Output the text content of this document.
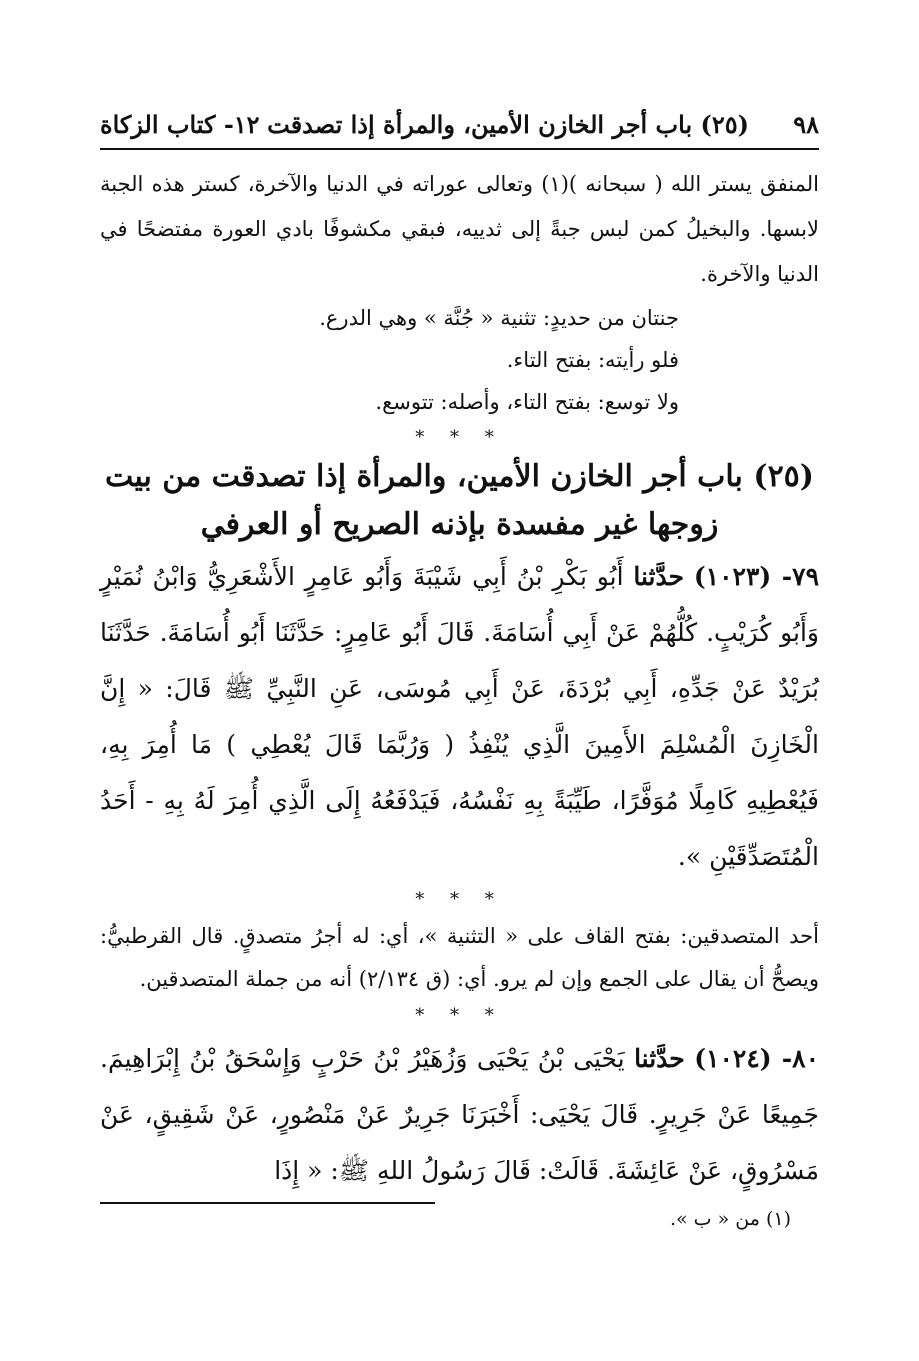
٩٨
(٢٥) باب أجر الخازن الأمين، والمرأة إذا تصدقت
١٢- كتاب الزكاة

المنفق يستر الله ( سبحانه )(١) وتعالى عوراته في الدنيا والآخرة، كستر هذه الجبة لابسها. والبخيلُ كمن لبس جبةً إلى ثدييه، فبقي مكشوفًا بادي العورة مفتضحًا في الدنيا والآخرة.

جنتان من حديدٍ: تثنية « جُنَّة » وهي الدرع.

فلو رأيته: بفتح التاء.

ولا توسع: بفتح التاء، وأصله: تتوسع.

* * *
(٢٥) باب أجر الخازن الأمين، والمرأة إذا تصدقت من بيت زوجها غير مفسدة بإذنه الصريح أو العرفي

٧٩- (١٠٢٣) حدَّثنا أَبُو بَكْرِ بْنُ أَبِي شَيْبَةَ وَأَبُو عَامِرٍ الأَشْعَرِيُّ وَابْنُ نُمَيْرٍ وَأَبُو كُرَيْبٍ. كُلُّهُمْ عَنْ أَبِي أُسَامَةَ. قَالَ أَبُو عَامِرٍ: حَدَّثَنَا أَبُو أُسَامَةَ. حَدَّثَنَا بُرَيْدٌ عَنْ جَدِّهِ، أَبِي بُرْدَةَ، عَنْ أَبِي مُوسَى، عَنِ النَّبِيِّ ﷺ قَالَ: « إِنَّ الْخَازِنَ الْمُسْلِمَ الأَمِينَ الَّذِي يُنْفِذُ ( وَرُبَّمَا قَالَ يُعْطِي ) مَا أُمِرَ بِهِ، فَيُعْطِيهِ كَامِلًا مُوَفَّرًا، طَيِّبَةً بِهِ نَفْسُهُ، فَيَدْفَعُهُ إِلَى الَّذِي أُمِرَ لَهُ بِهِ - أَحَدُ الْمُتَصَدِّقَيْنِ ».

* * *

أحد المتصدقين: بفتح القاف على « التثنية »، أي: له أجرُ متصدقٍ. قال القرطبيُّ: ويصحُّ أن يقال على الجمع وإن لم يرو. أي: (ق ٢/١٣٤) أنه من جملة المتصدقين.

* * *

٨٠- (١٠٢٤) حدَّثنا يَحْيَى بْنُ يَحْيَى وَزُهَيْرُ بْنُ حَرْبٍ وَإِسْحَقُ بْنُ إِبْرَاهِيمَ. جَمِيعًا عَنْ جَرِيرٍ. قَالَ يَحْيَى: أَخْبَرَنَا جَرِيرٌ عَنْ مَنْصُورٍ، عَنْ شَقِيقٍ، عَنْ مَسْرُوقٍ، عَنْ عَائِشَةَ. قَالَتْ: قَالَ رَسُولُ اللهِ ﷺ: « إِذَا

(١) من « ب ».
